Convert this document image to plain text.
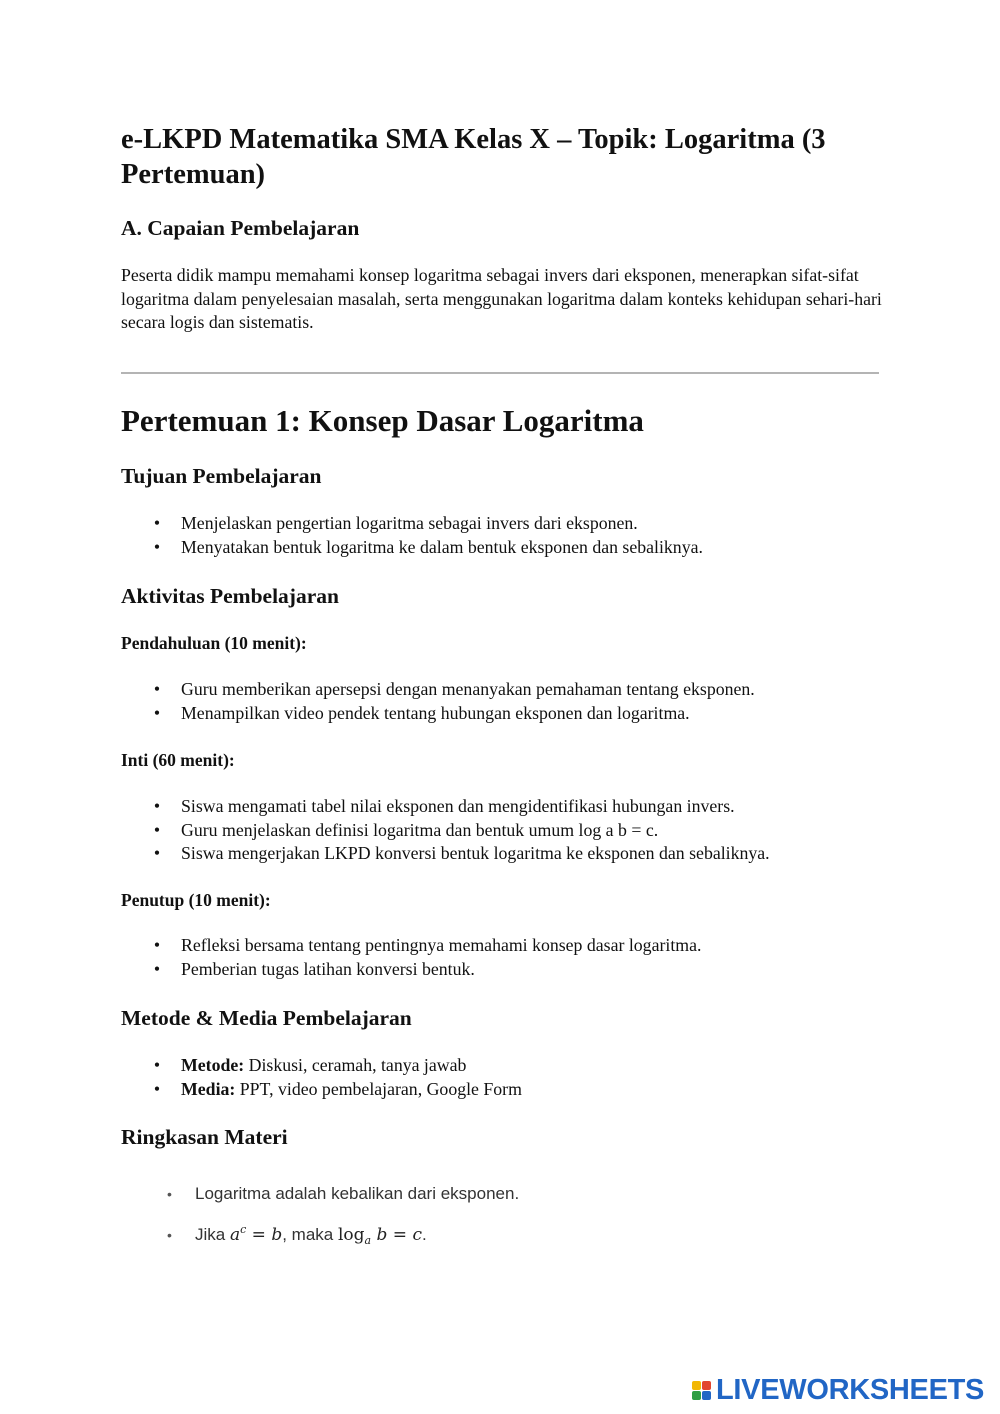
e-LKPD Matematika SMA Kelas X – Topik: Logaritma (3 Pertemuan)
A. Capaian Pembelajaran

Peserta didik mampu memahami konsep logaritma sebagai invers dari eksponen, menerapkan sifat-sifat logaritma dalam penyelesaian masalah, serta menggunakan logaritma dalam konteks kehidupan sehari-hari secara logis dan sistematis.

Pertemuan 1: Konsep Dasar Logaritma
Tujuan Pembelajaran
• Menjelaskan pengertian logaritma sebagai invers dari eksponen.
• Menyatakan bentuk logaritma ke dalam bentuk eksponen dan sebaliknya.
Aktivitas Pembelajaran
Pendahuluan (10 menit):
• Guru memberikan apersepsi dengan menanyakan pemahaman tentang eksponen.
• Menampilkan video pendek tentang hubungan eksponen dan logaritma.
Inti (60 menit):
• Siswa mengamati tabel nilai eksponen dan mengidentifikasi hubungan invers.
• Guru menjelaskan definisi logaritma dan bentuk umum log a b = c.
• Siswa mengerjakan LKPD konversi bentuk logaritma ke eksponen dan sebaliknya.
Penutup (10 menit):
• Refleksi bersama tentang pentingnya memahami konsep dasar logaritma.
• Pemberian tugas latihan konversi bentuk.
Metode & Media Pembelajaran
• Metode: Diskusi, ceramah, tanya jawab
• Media: PPT, video pembelajaran, Google Form
Ringkasan Materi
• Logaritma adalah kebalikan dari eksponen.
• Jika $a^c = b$, maka $\log_a b = c$.
LIVEWORKSHEETS
